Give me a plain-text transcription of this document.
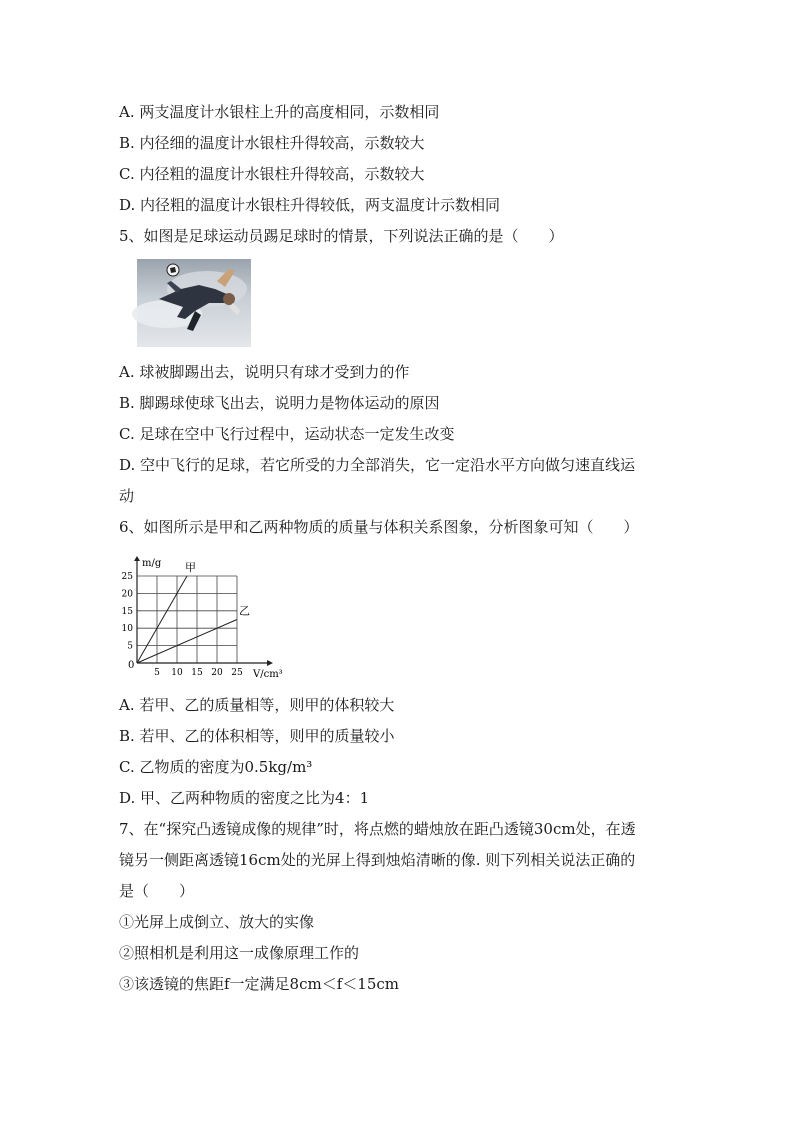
A. 两支温度计水银柱上升的高度相同，示数相同
B. 内径细的温度计水银柱升得较高，示数较大
C. 内径粗的温度计水银柱升得较高，示数较大
D. 内径粗的温度计水银柱升得较低，两支温度计示数相同
5、如图是足球运动员踢足球时的情景，下列说法正确的是（　　）
A. 球被脚踢出去，说明只有球才受到力的作
B. 脚踢球使球飞出去，说明力是物体运动的原因
C. 足球在空中飞行过程中，运动状态一定发生改变
D. 空中飞行的足球，若它所受的力全部消失，它一定沿水平方向做匀速直线运
动
6、如图所示是甲和乙两种物质的质量与体积关系图象，分析图象可知（　　）
m/g
V/cm³
0
5 10 15 20 25
25
20
15
10
5
甲
乙
A. 若甲、乙的质量相等，则甲的体积较大
B. 若甲、乙的体积相等，则甲的质量较小
C. 乙物质的密度为0.5kg/m³
D. 甲、乙两种物质的密度之比为4：1
7、在“探究凸透镜成像的规律”时，将点燃的蜡烛放在距凸透镜30cm处，在透
镜另一侧距离透镜16cm处的光屏上得到烛焰清晰的像. 则下列相关说法正确的
是（　　）
①光屏上成倒立、放大的实像
②照相机是利用这一成像原理工作的
③该透镜的焦距f一定满足8cm＜f＜15cm
